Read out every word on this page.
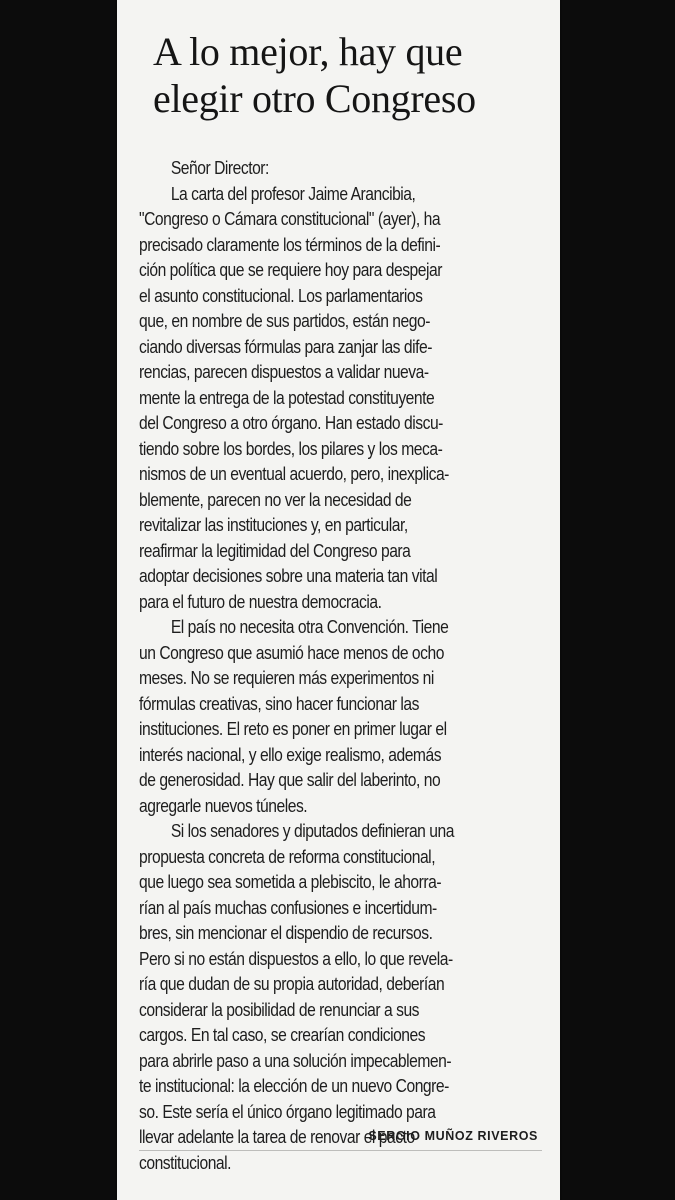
A lo mejor, hay que
elegir otro Congreso
Señor Director:
La carta del profesor Jaime Arancibia,
"Congreso o Cámara constitucional" (ayer), ha
precisado claramente los términos de la defini-
ción política que se requiere hoy para despejar
el asunto constitucional. Los parlamentarios
que, en nombre de sus partidos, están nego-
ciando diversas fórmulas para zanjar las dife-
rencias, parecen dispuestos a validar nueva-
mente la entrega de la potestad constituyente
del Congreso a otro órgano. Han estado discu-
tiendo sobre los bordes, los pilares y los meca-
nismos de un eventual acuerdo, pero, inexplica-
blemente, parecen no ver la necesidad de
revitalizar las instituciones y, en particular,
reafirmar la legitimidad del Congreso para
adoptar decisiones sobre una materia tan vital
para el futuro de nuestra democracia.
El país no necesita otra Convención. Tiene
un Congreso que asumió hace menos de ocho
meses. No se requieren más experimentos ni
fórmulas creativas, sino hacer funcionar las
instituciones. El reto es poner en primer lugar el
interés nacional, y ello exige realismo, además
de generosidad. Hay que salir del laberinto, no
agregarle nuevos túneles.
Si los senadores y diputados definieran una
propuesta concreta de reforma constitucional,
que luego sea sometida a plebiscito, le ahorra-
rían al país muchas confusiones e incertidum-
bres, sin mencionar el dispendio de recursos.
Pero si no están dispuestos a ello, lo que revela-
ría que dudan de su propia autoridad, deberían
considerar la posibilidad de renunciar a sus
cargos. En tal caso, se crearían condiciones
para abrirle paso a una solución impecablemen-
te institucional: la elección de un nuevo Congre-
so. Este sería el único órgano legitimado para
llevar adelante la tarea de renovar el pacto
constitucional.
SERGIO MUÑOZ RIVEROS
